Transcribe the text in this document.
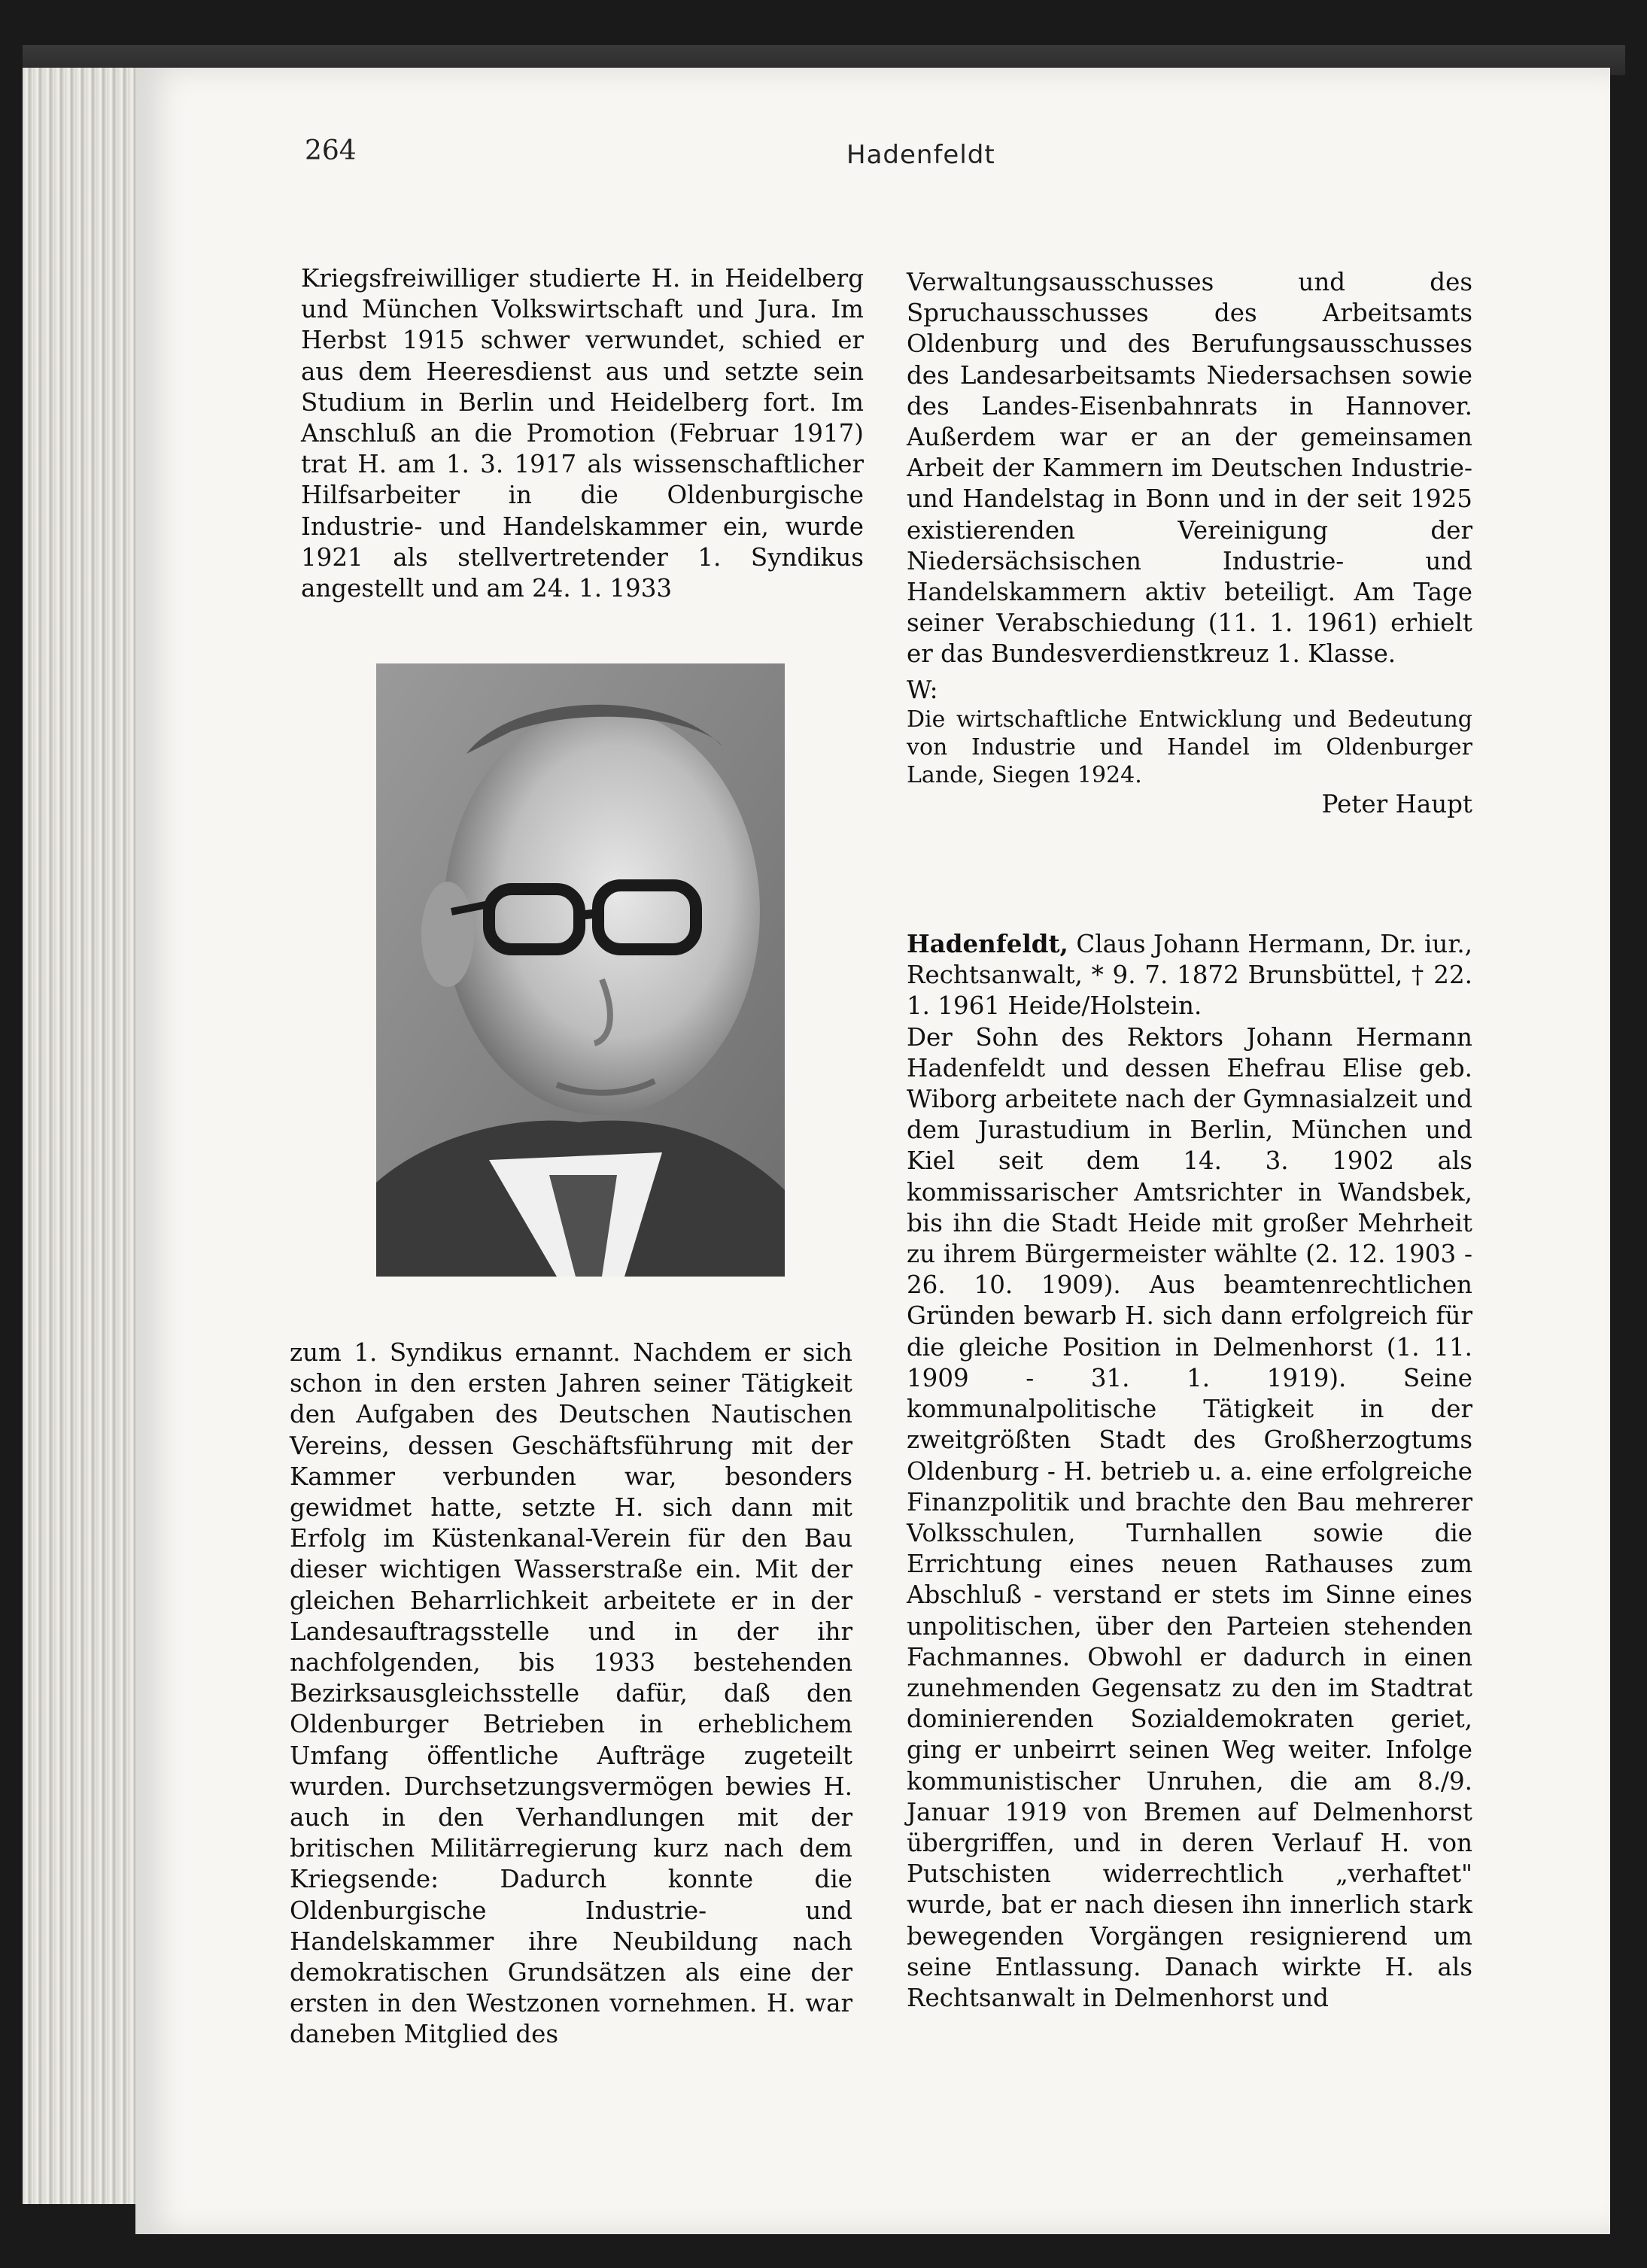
264	Hadenfeldt

Kriegsfreiwilliger studierte H. in Heidelberg und München Volkswirtschaft und Jura. Im Herbst 1915 schwer verwundet, schied er aus dem Heeresdienst aus und setzte sein Studium in Berlin und Heidelberg fort. Im Anschluß an die Promotion (Februar 1917) trat H. am 1. 3. 1917 als wissenschaftlicher Hilfsarbeiter in die Oldenburgische Industrie- und Handelskammer ein, wurde 1921 als stellvertretender 1. Syndikus angestellt und am 24. 1. 1933

zum 1. Syndikus ernannt. Nachdem er sich schon in den ersten Jahren seiner Tätigkeit den Aufgaben des Deutschen Nautischen Vereins, dessen Geschäftsführung mit der Kammer verbunden war, besonders gewidmet hatte, setzte H. sich dann mit Erfolg im Küstenkanal-Verein für den Bau dieser wichtigen Wasserstraße ein. Mit der gleichen Beharrlichkeit arbeitete er in der Landesauftragsstelle und in der ihr nachfolgenden, bis 1933 bestehenden Bezirksausgleichsstelle dafür, daß den Oldenburger Betrieben in erheblichem Umfang öffentliche Aufträge zugeteilt wurden. Durchsetzungsvermögen bewies H. auch in den Verhandlungen mit der britischen Militärregierung kurz nach dem Kriegsende: Dadurch konnte die Oldenburgische Industrie- und Handelskammer ihre Neubildung nach demokratischen Grundsätzen als eine der ersten in den Westzonen vornehmen. H. war daneben Mitglied des

Verwaltungsausschusses und des Spruchausschusses des Arbeitsamts Oldenburg und des Berufungsausschusses des Landesarbeitsamts Niedersachsen sowie des Landes-Eisenbahnrats in Hannover. Außerdem war er an der gemeinsamen Arbeit der Kammern im Deutschen Industrie- und Handelstag in Bonn und in der seit 1925 existierenden Vereinigung der Niedersächsischen Industrie- und Handelskammern aktiv beteiligt. Am Tage seiner Verabschiedung (11. 1. 1961) erhielt er das Bundesverdienstkreuz 1. Klasse.

W:

Die wirtschaftliche Entwicklung und Bedeutung von Industrie und Handel im Oldenburger Lande, Siegen 1924.

Peter Haupt

Hadenfeldt, Claus Johann Hermann, Dr. iur., Rechtsanwalt, * 9. 7. 1872 Brunsbüttel, † 22. 1. 1961 Heide/Holstein.

Der Sohn des Rektors Johann Hermann Hadenfeldt und dessen Ehefrau Elise geb. Wiborg arbeitete nach der Gymnasialzeit und dem Jurastudium in Berlin, München und Kiel seit dem 14. 3. 1902 als kommissarischer Amtsrichter in Wandsbek, bis ihn die Stadt Heide mit großer Mehrheit zu ihrem Bürgermeister wählte (2. 12. 1903 - 26. 10. 1909). Aus beamtenrechtlichen Gründen bewarb H. sich dann erfolgreich für die gleiche Position in Delmenhorst (1. 11. 1909 - 31. 1. 1919). Seine kommunalpolitische Tätigkeit in der zweitgrößten Stadt des Großherzogtums Oldenburg - H. betrieb u. a. eine erfolgreiche Finanzpolitik und brachte den Bau mehrerer Volksschulen, Turnhallen sowie die Errichtung eines neuen Rathauses zum Abschluß - verstand er stets im Sinne eines unpolitischen, über den Parteien stehenden Fachmannes. Obwohl er dadurch in einen zunehmenden Gegensatz zu den im Stadtrat dominierenden Sozialdemokraten geriet, ging er unbeirrt seinen Weg weiter. Infolge kommunistischer Unruhen, die am 8./9. Januar 1919 von Bremen auf Delmenhorst übergriffen, und in deren Verlauf H. von Putschisten widerrechtlich „verhaftet" wurde, bat er nach diesen ihn innerlich stark bewegenden Vorgängen resignierend um seine Entlassung. Danach wirkte H. als Rechtsanwalt in Delmenhorst und
